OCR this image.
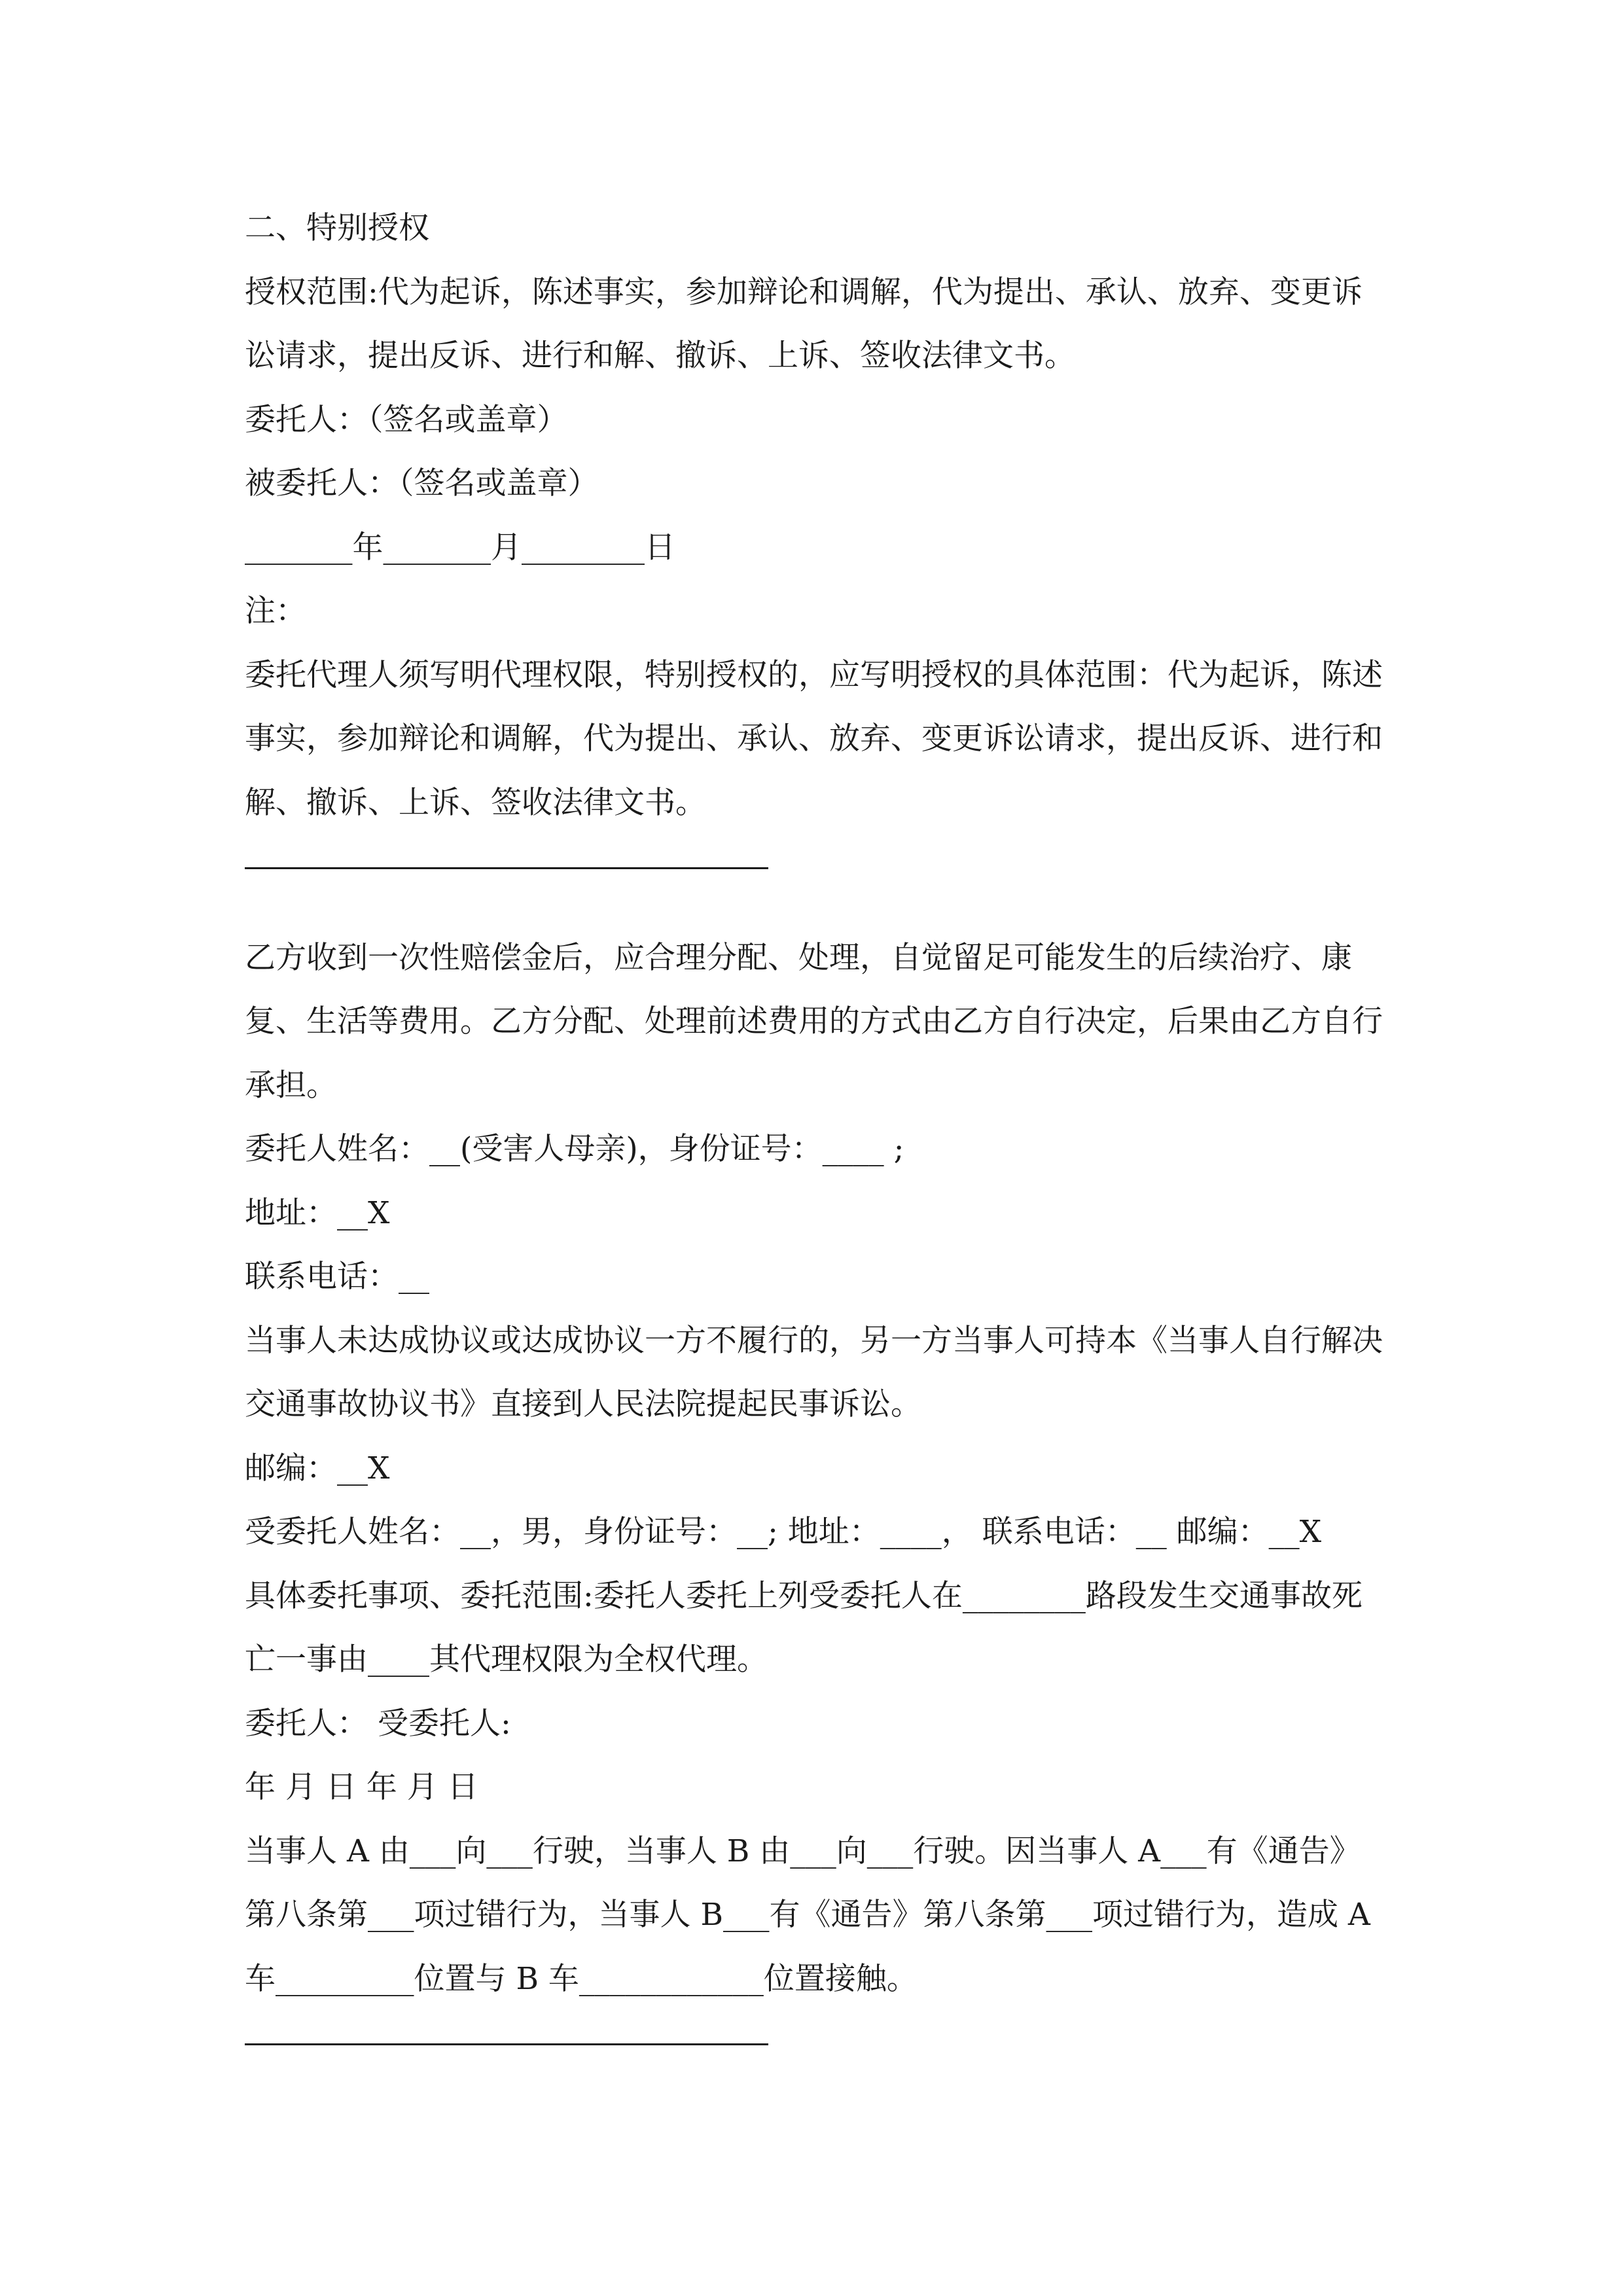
二、特别授权

授权范围:代为起诉，陈述事实，参加辩论和调解，代为提出、承认、放弃、变更诉讼请求，提出反诉、进行和解、撤诉、上诉、签收法律文书。

委托人：（签名或盖章）

被委托人：（签名或盖章）

_______年_______月________日

注：

委托代理人须写明代理权限，特别授权的，应写明授权的具体范围：代为起诉，陈述事实，参加辩论和调解，代为提出、承认、放弃、变更诉讼请求，提出反诉、进行和解、撤诉、上诉、签收法律文书。

乙方收到一次性赔偿金后，应合理分配、处理，自觉留足可能发生的后续治疗、康复、生活等费用。乙方分配、处理前述费用的方式由乙方自行决定，后果由乙方自行承担。

委托人姓名：__(受害人母亲)，身份证号：____ ;

地址：__X

联系电话：__

当事人未达成协议或达成协议一方不履行的，另一方当事人可持本《当事人自行解决交通事故协议书》直接到人民法院提起民事诉讼。

邮编：__X

受委托人姓名：__，男，身份证号：__; 地址：____， 联系电话：__ 邮编：__X

具体委托事项、委托范围:委托人委托上列受委托人在________路段发生交通事故死亡一事由____其代理权限为全权代理。

委托人： 受委托人:

年 月 日 年 月 日

当事人 A 由___向___行驶，当事人 B 由___向___行驶。因当事人 A___有《通告》第八条第___项过错行为，当事人 B___有《通告》第八条第___项过错行为，造成 A 车_________位置与 B 车____________位置接触。
